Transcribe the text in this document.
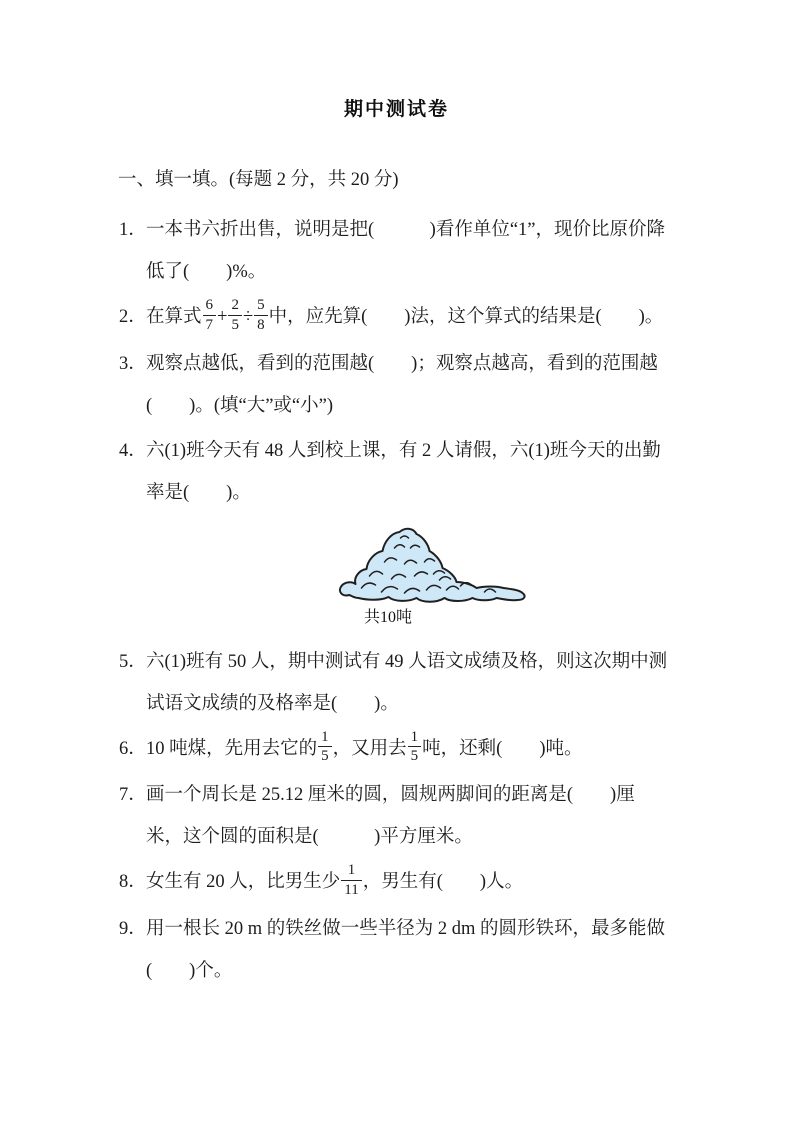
期中测试卷
一、填一填。(每题 2 分，共 20 分)
1．一本书六折出售，说明是把(　　　)看作单位“1”，现价比原价降低了(　　)%。
2．在算式 $\frac{6}{7} + \frac{2}{5} \div \frac{5}{8}$ 中，应先算(　　)法，这个算式的结果是(　　)。
3．观察点越低，看到的范围越(　　)；观察点越高，看到的范围越(　　)。(填“大”或“小”)
4．六(1)班今天有 48 人到校上课，有 2 人请假，六(1)班今天的出勤率是(　　)。
共10吨
5．六(1)班有 50 人，期中测试有 49 人语文成绩及格，则这次期中测试语文成绩的及格率是(　　)。
6．10 吨煤，先用去它的 $\frac{1}{5}$ ，又用去 $\frac{1}{5}$ 吨，还剩(　　)吨。
7．画一个周长是 25.12 厘米的圆，圆规两脚间的距离是(　　)厘米，这个圆的面积是(　　　)平方厘米。
8．女生有 20 人，比男生少 $\frac{1}{11}$ ，男生有(　　)人。
9．用一根长 20 m 的铁丝做一些半径为 2 dm 的圆形铁环，最多能做(　　)个。
